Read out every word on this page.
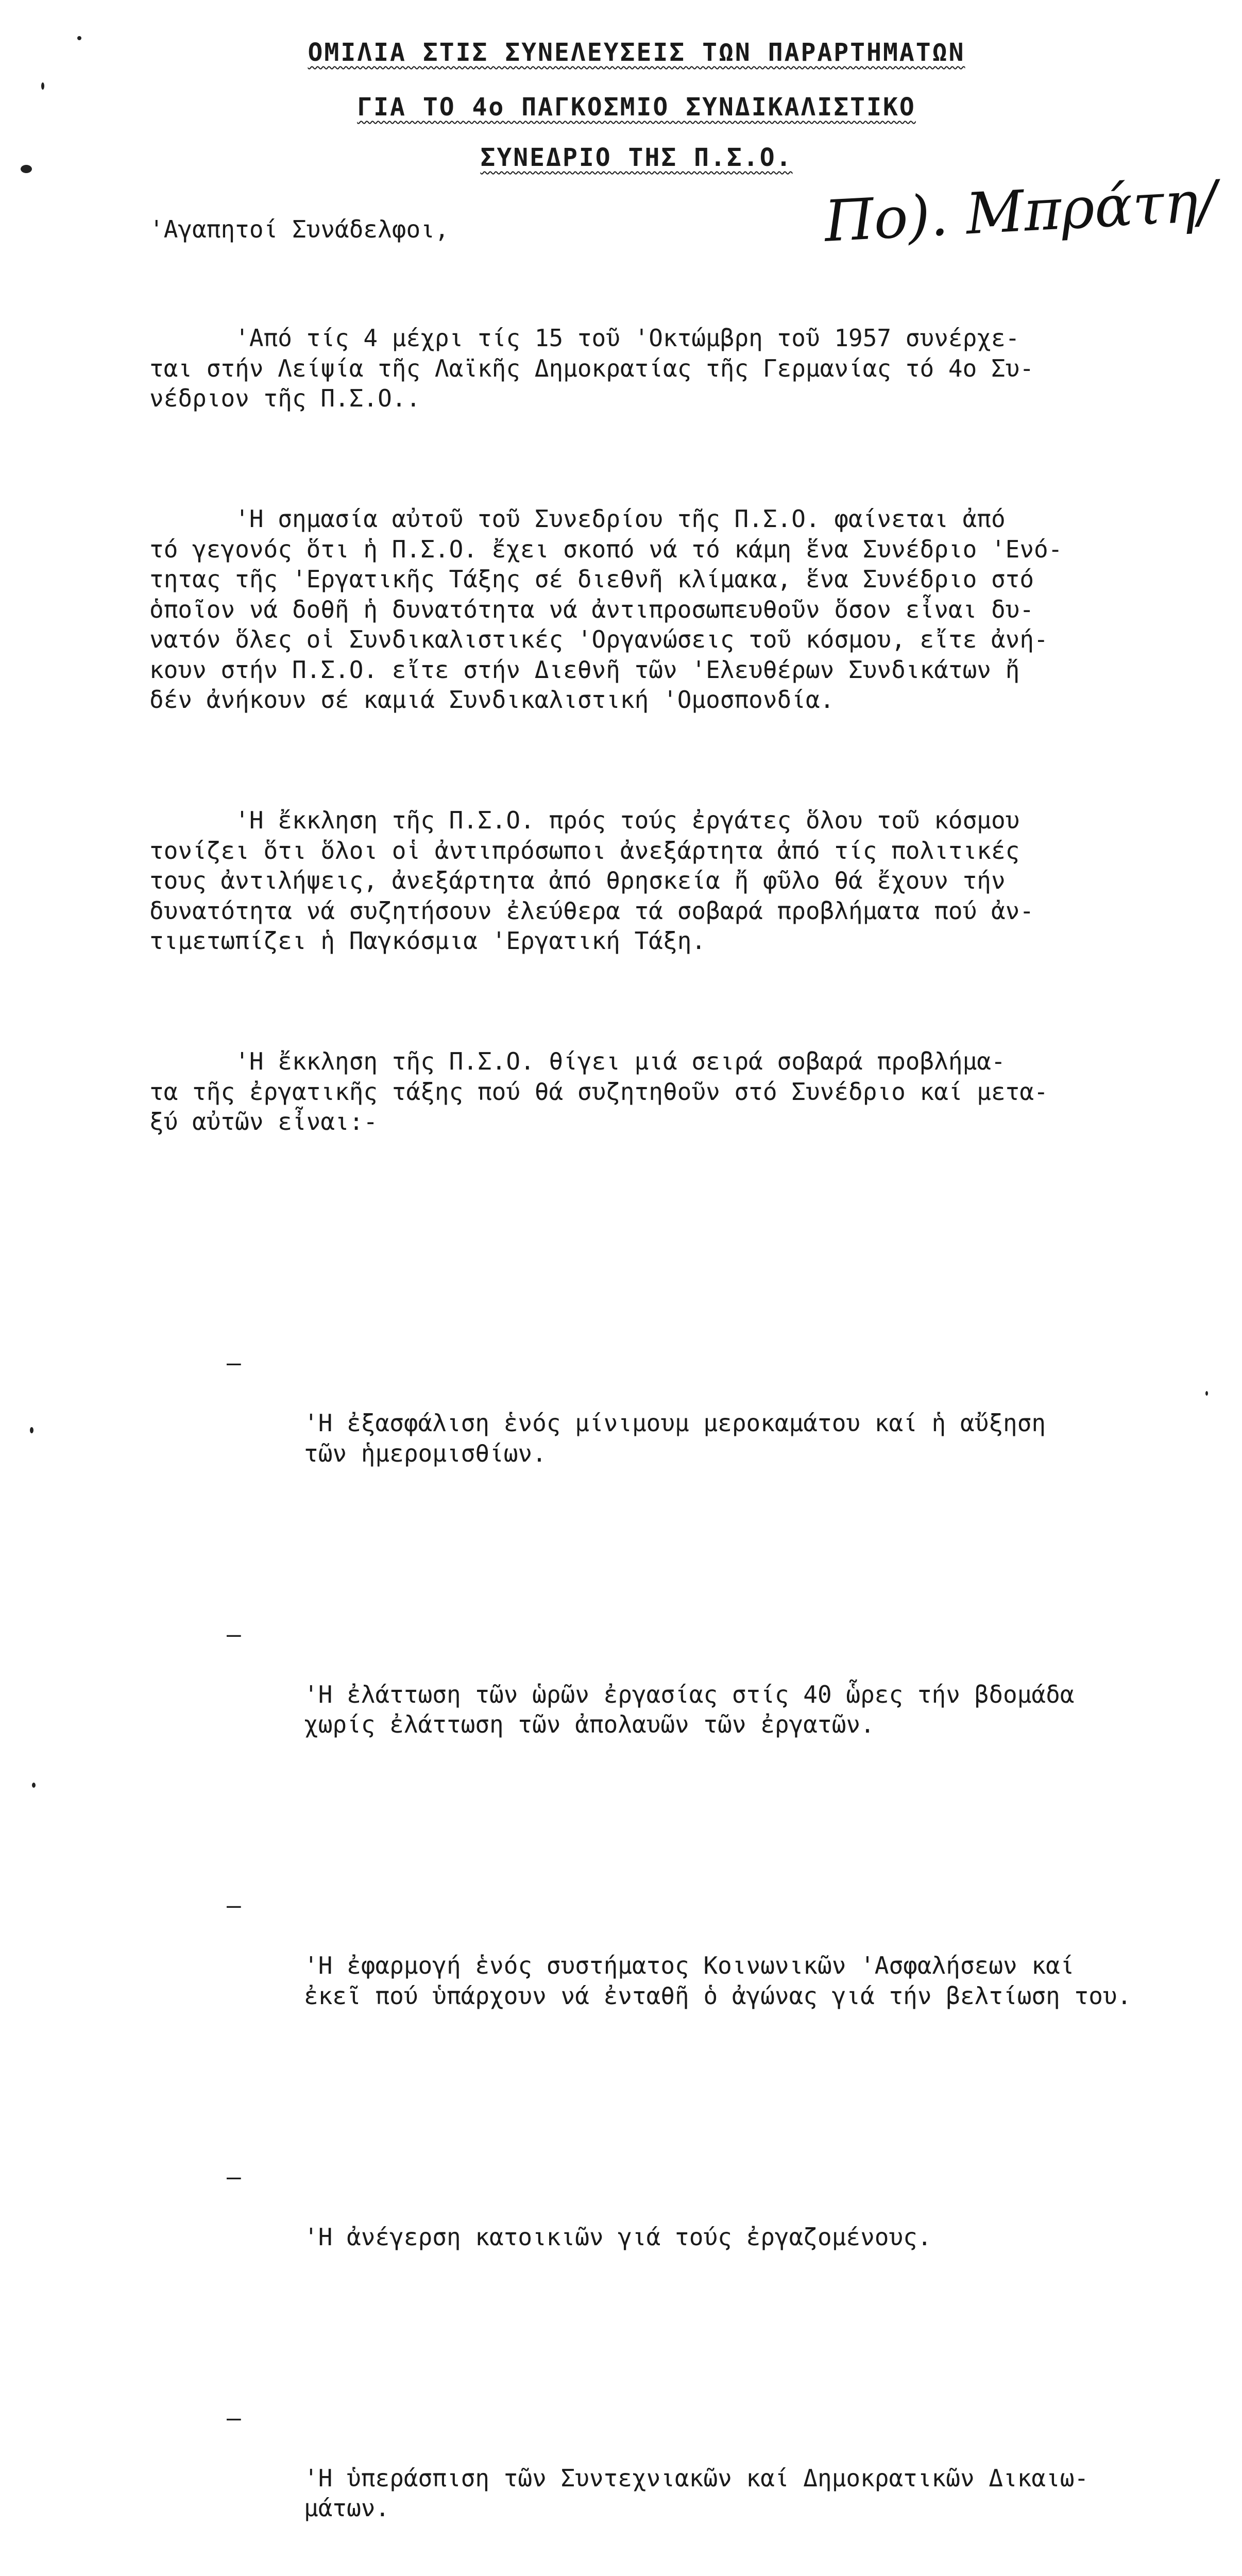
ΟΜΙΛΙΑ ΣΤΙΣ ΣΥΝΕΛΕΥΣΕΙΣ ΤΩΝ ΠΑΡΑΡΤΗΜΑΤΩΝ
ΓΙΑ ΤΟ 4ο ΠΑΓΚΟΣΜΙΟ ΣΥΝΔΙΚΑΛΙΣΤΙΚΟ
ΣΥΝΕΔΡΙΟ ΤΗΣ Π.Σ.Ο.
Πο). Μπράτη/
'Αγαπητοί Συνάδελφοι,

'Από τίς 4 μέχρι τίς 15 τοῦ 'Οκτώμβρη τοῦ 1957 συνέρχε-
ται στήν Λείψία τῆς Λαϊκῆς Δημοκρατίας τῆς Γερμανίας τό 4ο Συ-
νέδριον τῆς Π.Σ.Ο..

'Η σημασία αὐτοῦ τοῦ Συνεδρίου τῆς Π.Σ.Ο. φαίνεται ἀπό
τό γεγονός ὅτι ἡ Π.Σ.Ο. ἔχει σκοπό νά τό κάμη ἕνα Συνέδριο 'Ενό-
τητας τῆς 'Εργατικῆς Τάξης σέ διεθνῆ κλίμακα, ἕνα Συνέδριο στό
ὁποῖον νά δοθῆ ἡ δυνατότητα νά ἀντιπροσωπευθοῦν ὅσον εἶναι δυ-
νατόν ὅλες οἱ Συνδικαλιστικές 'Οργανώσεις τοῦ κόσμου, εἴτε ἀνή-
κουν στήν Π.Σ.Ο. εἴτε στήν Διεθνῆ τῶν 'Ελευθέρων Συνδικάτων ἤ
δέν ἀνήκουν σέ καμιά Συνδικαλιστική 'Ομοσπονδία.

'Η ἔκκληση τῆς Π.Σ.Ο. πρός τούς ἐργάτες ὅλου τοῦ κόσμου
τονίζει ὅτι ὅλοι οἱ ἀντιπρόσωποι ἀνεξάρτητα ἀπό τίς πολιτικές
τους ἀντιλήψεις, ἀνεξάρτητα ἀπό θρησκεία ἤ φῦλο θά ἔχουν τήν
δυνατότητα νά συζητήσουν ἐλεύθερα τά σοβαρά προβλήματα πού ἀν-
τιμετωπίζει ἡ Παγκόσμια 'Εργατική Τάξη.

'Η ἔκκληση τῆς Π.Σ.Ο. θίγει μιά σειρά σοβαρά προβλήμα-
τα τῆς ἐργατικῆς τάξης πού θά συζητηθοῦν στό Συνέδριο καί μετα-
ξύ αὐτῶν εἶναι:-

–

'Η ἐξασφάλιση ἑνός μίνιμουμ μεροκαμάτου καί ἡ αὔξηση
τῶν ἡμερομισθίων.

–

'Η ἐλάττωση τῶν ὡρῶν ἐργασίας στίς 40 ὧρες τήν βδομάδα
χωρίς ἐλάττωση τῶν ἀπολαυῶν τῶν ἐργατῶν.

–

'Η ἐφαρμογή ἑνός συστήματος Κοινωνικῶν 'Ασφαλήσεων καί
ἐκεῖ πού ὑπάρχουν νά ἐνταθῆ ὁ ἀγώνας γιά τήν βελτίωση του.

–

'Η ἀνέγερση κατοικιῶν γιά τούς ἐργαζομένους.

–

'Η ὑπεράσπιση τῶν Συντεχνιακῶν καί Δημοκρατικῶν Δικαιω-
μάτων.
